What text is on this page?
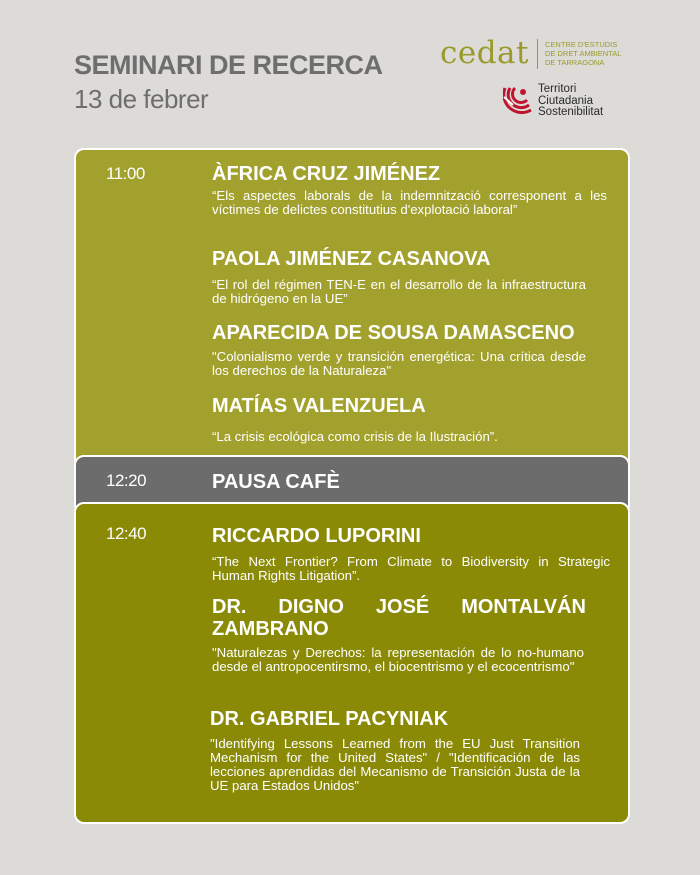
SEMINARI DE RECERCA
13 de febrer
cedat CENTRE D'ESTUDIS
DE DRET AMBIENTAL
DE TARRAGONA
Territori
Ciutadania
Sostenibilitat
11:00	ÀFRICA CRUZ JIMÉNEZ
“Els aspectes laborals de la indemnització corresponent a les víctimes de delictes constitutius d'explotació laboral”
PAOLA JIMÉNEZ CASANOVA
“El rol del régimen TEN-E en el desarrollo de la infraestructura de hidrógeno en la UE”
APARECIDA DE SOUSA DAMASCENO
"Colonialismo verde y transición energética: Una crítica desde los derechos de la Naturaleza"
MATÍAS VALENZUELA
“La crisis ecológica como crisis de la Ilustración”.
12:20	PAUSA CAFÈ
12:40	RICCARDO LUPORINI
“The Next Frontier? From Climate to Biodiversity in Strategic Human Rights Litigation”.
DR. DIGNO JOSÉ MONTALVÁN ZAMBRANO
"Naturalezas y Derechos: la representación de lo no-humano desde el antropocentirsmo, el biocentrismo y el ecocentrismo"
DR. GABRIEL PACYNIAK
"Identifying Lessons Learned from the EU Just Transition Mechanism for the United States" / "Identificación de las lecciones aprendidas del Mecanismo de Transición Justa de la UE para Estados Unidos"
